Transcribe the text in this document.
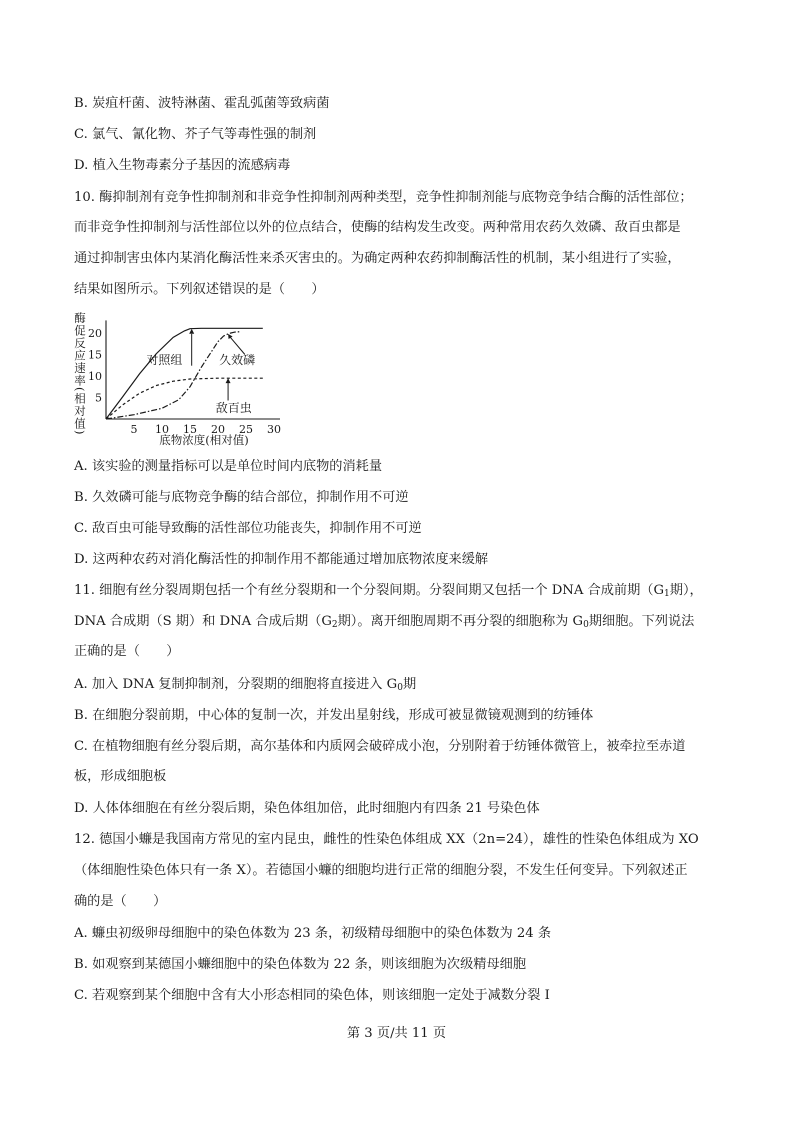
B. 炭疽杆菌、波特淋菌、霍乱弧菌等致病菌
C. 氯气、氰化物、芥子气等毒性强的制剂
D. 植入生物毒素分子基因的流感病毒
10. 酶抑制剂有竞争性抑制剂和非竞争性抑制剂两种类型，竞争性抑制剂能与底物竞争结合酶的活性部位；
而非竞争性抑制剂与活性部位以外的位点结合，使酶的结构发生改变。两种常用农药久效磷、敌百虫都是
通过抑制害虫体内某消化酶活性来杀灭害虫的。为确定两种农药抑制酶活性的机制，某小组进行了实验，
结果如图所示。下列叙述错误的是（　　）
酶促反应速率(相对值)
底物浓度(相对值)
5 10 15 20 25 30
20
15
10
5
对照组	久效磷
敌百虫
A. 该实验的测量指标可以是单位时间内底物的消耗量
B. 久效磷可能与底物竞争酶的结合部位，抑制作用不可逆
C. 敌百虫可能导致酶的活性部位功能丧失，抑制作用不可逆
D. 这两种农药对消化酶活性的抑制作用不都能通过增加底物浓度来缓解
11. 细胞有丝分裂周期包括一个有丝分裂期和一个分裂间期。分裂间期又包括一个 DNA 合成前期（$G_1$期），
DNA 合成期（S 期）和 DNA 合成后期（$G_2$期）。离开细胞周期不再分裂的细胞称为 $G_0$期细胞。下列说法
正确的是（　　）
A. 加入 DNA 复制抑制剂，分裂期的细胞将直接进入 $G_0$期
B. 在细胞分裂前期，中心体的复制一次，并发出星射线，形成可被显微镜观测到的纺锤体
C. 在植物细胞有丝分裂后期，高尔基体和内质网会破碎成小泡，分别附着于纺锤体微管上，被牵拉至赤道
板，形成细胞板
D. 人体体细胞在有丝分裂后期，染色体组加倍，此时细胞内有四条 21 号染色体
12. 德国小蠊是我国南方常见的室内昆虫，雌性的性染色体组成 XX（2n=24），雄性的性染色体组成为 XO
（体细胞性染色体只有一条 X）。若德国小蠊的细胞均进行正常的细胞分裂，不发生任何变异。下列叙述正
确的是（　　）
A. 蠊虫初级卵母细胞中的染色体数为 23 条，初级精母细胞中的染色体数为 24 条
B. 如观察到某德国小蠊细胞中的染色体数为 22 条，则该细胞为次级精母细胞
C. 若观察到某个细胞中含有大小形态相同的染色体，则该细胞一定处于减数分裂 I
第 3 页/共 11 页
